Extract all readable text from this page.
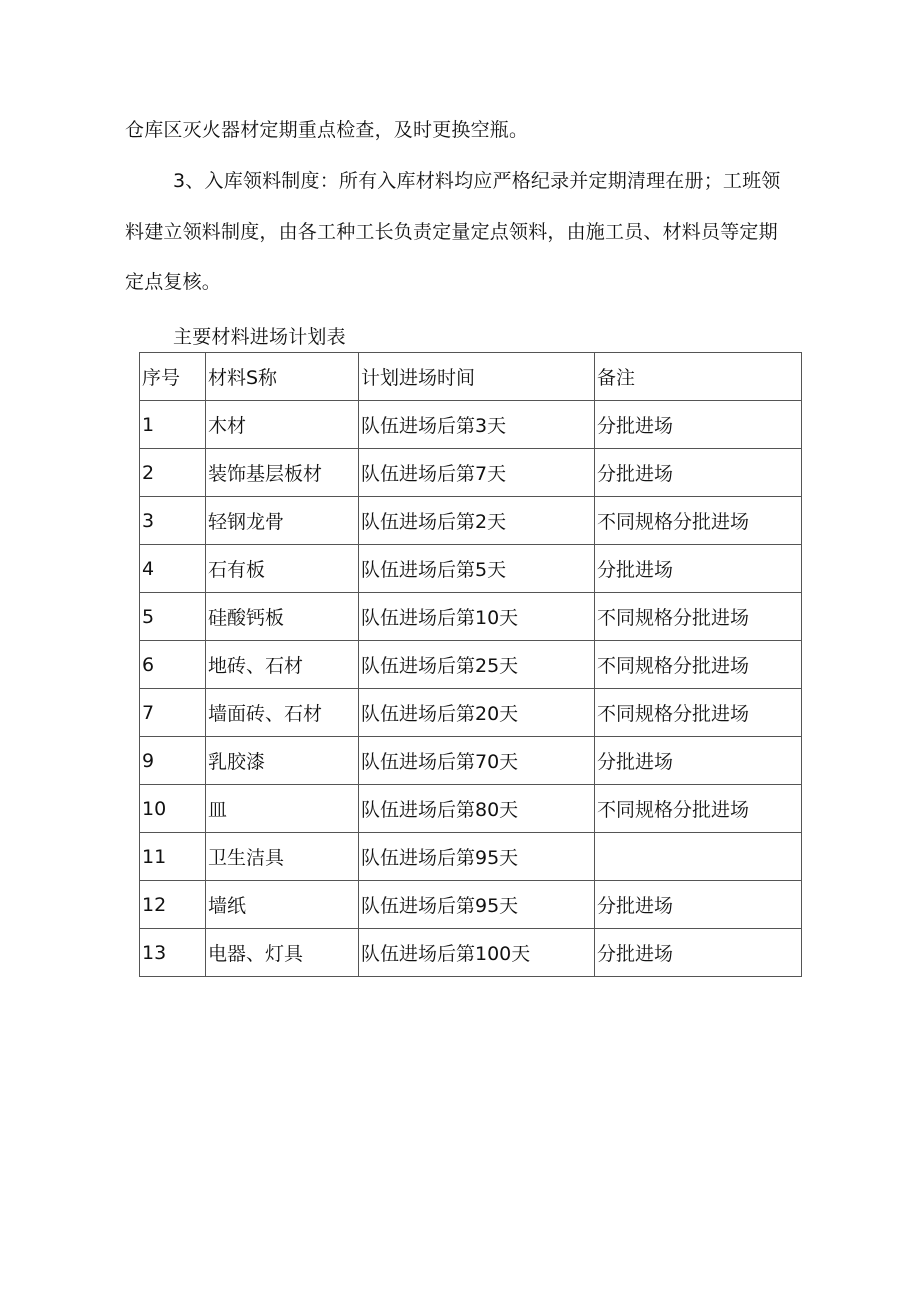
仓库区灭火器材定期重点检查，及时更换空瓶。
3、入库领料制度：所有入库材料均应严格纪录并定期清理在册；工班领
料建立领料制度，由各工种工长负责定量定点领料，由施工员、材料员等定期
定点复核。
主要材料进场计划表
序号	材料S称	计划进场时间	备注
1	木材	队伍进场后第3天	分批进场
2	装饰基层板材	队伍进场后第7天	分批进场
3	轻钢龙骨	队伍进场后第2天	不同规格分批进场
4	石有板	队伍进场后第5天	分批进场
5	硅酸钙板	队伍进场后第10天	不同规格分批进场
6	地砖、石材	队伍进场后第25天	不同规格分批进场
7	墙面砖、石材	队伍进场后第20天	不同规格分批进场
9	乳胶漆	队伍进场后第70天	分批进场
10	皿	队伍进场后第80天	不同规格分批进场
11	卫生洁具	队伍进场后第95天	
12	墙纸	队伍进场后第95天	分批进场
13	电器、灯具	队伍进场后第100天	分批进场
